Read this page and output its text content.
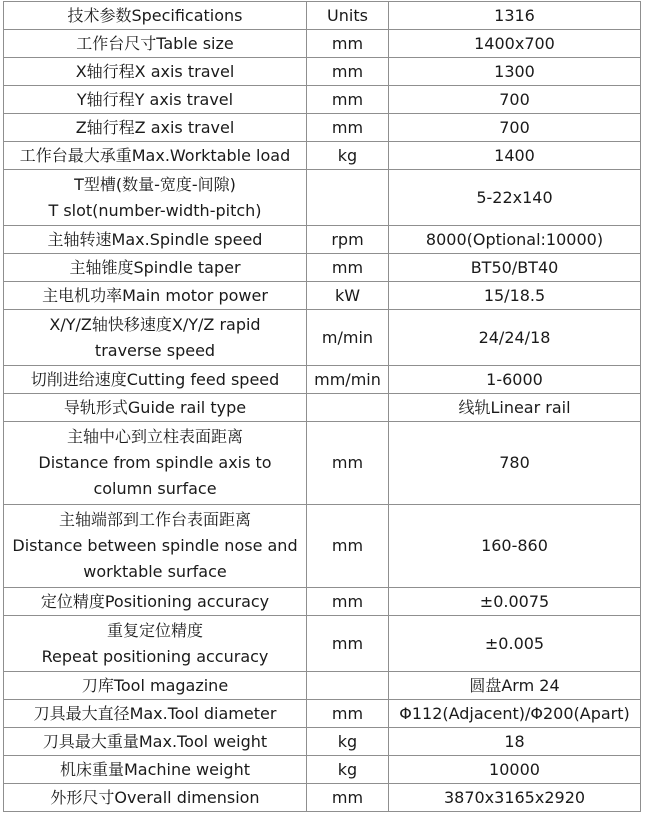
技术参数Specifications	Units	1316
工作台尺寸Table size	mm	1400x700
X轴行程X axis travel	mm	1300
Y轴行程Y axis travel	mm	700
Z轴行程Z axis travel	mm	700
工作台最大承重Max.Worktable load	kg	1400
T型槽(数量-宽度-间隙)
T slot(number-width-pitch)		5-22x140
主轴转速Max.Spindle speed	rpm	8000(Optional:10000)
主轴锥度Spindle taper	mm	BT50/BT40
主电机功率Main motor power	kW	15/18.5
X/Y/Z轴快移速度X/Y/Z rapid
traverse speed	m/min	24/24/18
切削进给速度Cutting feed speed	mm/min	1-6000
导轨形式Guide rail type		线轨Linear rail
主轴中心到立柱表面距离
Distance from spindle axis to
column surface	mm	780
主轴端部到工作台表面距离
Distance between spindle nose and
worktable surface	mm	160-860
定位精度Positioning accuracy	mm	±0.0075
重复定位精度
Repeat positioning accuracy	mm	±0.005
刀库Tool magazine		圆盘Arm 24
刀具最大直径Max.Tool diameter	mm	Φ112(Adjacent)/Φ200(Apart)
刀具最大重量Max.Tool weight	kg	18
机床重量Machine weight	kg	10000
外形尺寸Overall dimension	mm	3870x3165x2920
